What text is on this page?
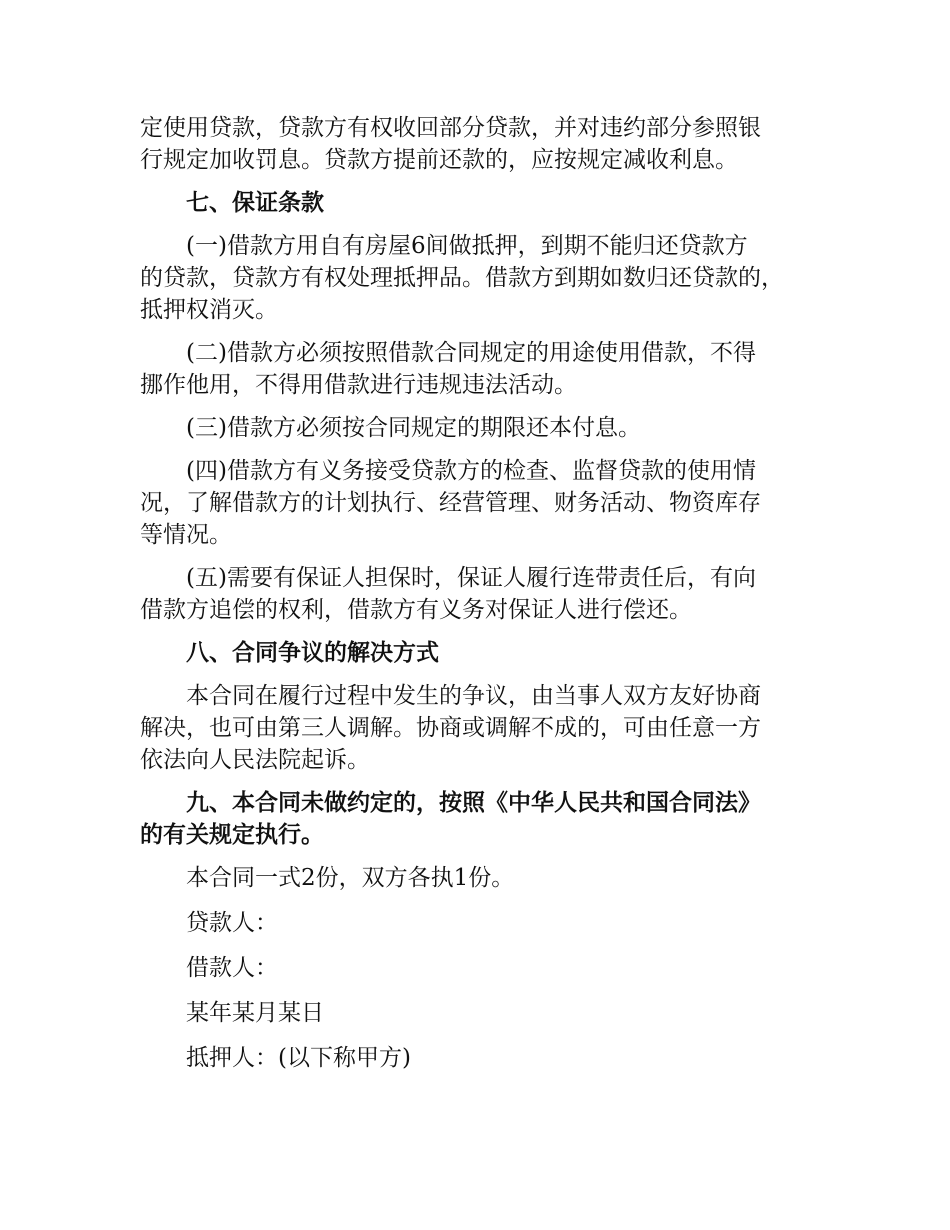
定使用贷款，贷款方有权收回部分贷款，并对违约部分参照银
行规定加收罚息。贷款方提前还款的，应按规定减收利息。
七、保证条款
(一)借款方用自有房屋6间做抵押，到期不能归还贷款方
的贷款，贷款方有权处理抵押品。借款方到期如数归还贷款的，
抵押权消灭。
(二)借款方必须按照借款合同规定的用途使用借款，不得
挪作他用，不得用借款进行违规违法活动。
(三)借款方必须按合同规定的期限还本付息。
(四)借款方有义务接受贷款方的检查、监督贷款的使用情
况，了解借款方的计划执行、经营管理、财务活动、物资库存
等情况。
(五)需要有保证人担保时，保证人履行连带责任后，有向
借款方追偿的权利，借款方有义务对保证人进行偿还。
八、合同争议的解决方式
本合同在履行过程中发生的争议，由当事人双方友好协商
解决，也可由第三人调解。协商或调解不成的，可由任意一方
依法向人民法院起诉。
九、本合同未做约定的，按照《中华人民共和国合同法》
的有关规定执行。
本合同一式2份，双方各执1份。
贷款人：
借款人：
某年某月某日
抵押人：(以下称甲方)
